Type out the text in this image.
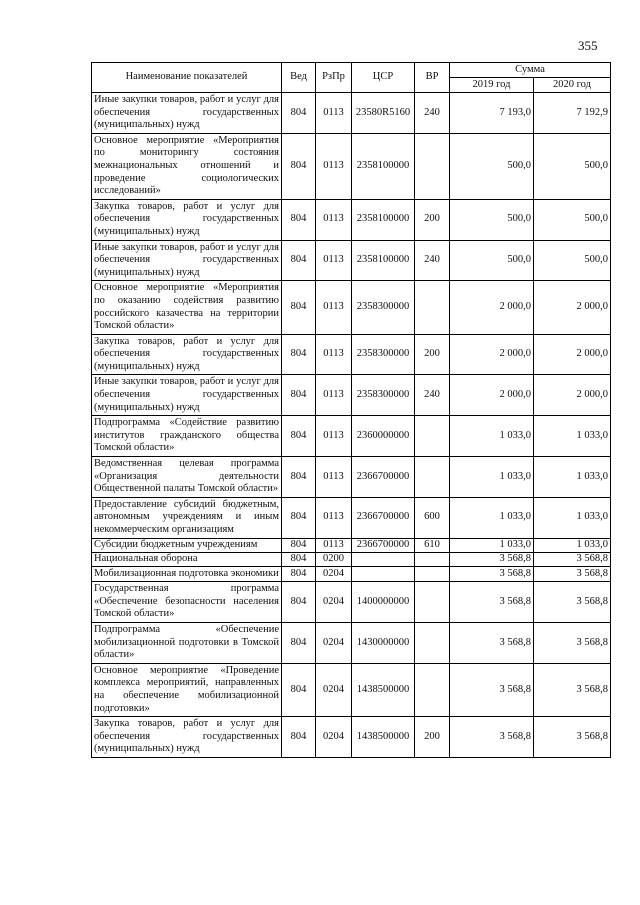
355
Наименование показателей	Вед	РзПр	ЦСР	ВР	Сумма	
					2019 год	2020 год
Иные закупки товаров, работ и услуг для обеспечения государственных (муниципальных) нужд	804	0113	23580R5160	240	7 193,0	7 192,9
Основное мероприятие «Мероприятия по мониторингу состояния межнациональных отношений и проведение социологических исследований»	804	0113	2358100000		500,0	500,0
Закупка товаров, работ и услуг для обеспечения государственных (муниципальных) нужд	804	0113	2358100000	200	500,0	500,0
Иные закупки товаров, работ и услуг для обеспечения государственных (муниципальных) нужд	804	0113	2358100000	240	500,0	500,0
Основное мероприятие «Мероприятия по оказанию содействия развитию российского казачества на территории Томской области»	804	0113	2358300000		2 000,0	2 000,0
Закупка товаров, работ и услуг для обеспечения государственных (муниципальных) нужд	804	0113	2358300000	200	2 000,0	2 000,0
Иные закупки товаров, работ и услуг для обеспечения государственных (муниципальных) нужд	804	0113	2358300000	240	2 000,0	2 000,0
Подпрограмма «Содействие развитию институтов гражданского общества Томской области»	804	0113	2360000000		1 033,0	1 033,0
Ведомственная целевая программа «Организация деятельности Общественной палаты Томской области»	804	0113	2366700000		1 033,0	1 033,0
Предоставление субсидий бюджетным, автономным учреждениям и иным некоммерческим организациям	804	0113	2366700000	600	1 033,0	1 033,0
Субсидии бюджетным учреждениям	804	0113	2366700000	610	1 033,0	1 033,0
Национальная оборона	804	0200			3 568,8	3 568,8
Мобилизационная подготовка экономики	804	0204			3 568,8	3 568,8
Государственная программа «Обеспечение безопасности населения Томской области»	804	0204	1400000000		3 568,8	3 568,8
Подпрограмма «Обеспечение мобилизационной подготовки в Томской области»	804	0204	1430000000		3 568,8	3 568,8
Основное мероприятие «Проведение комплекса мероприятий, направленных на обеспечение мобилизационной подготовки»	804	0204	1438500000		3 568,8	3 568,8
Закупка товаров, работ и услуг для обеспечения государственных (муниципальных) нужд	804	0204	1438500000	200	3 568,8	3 568,8
